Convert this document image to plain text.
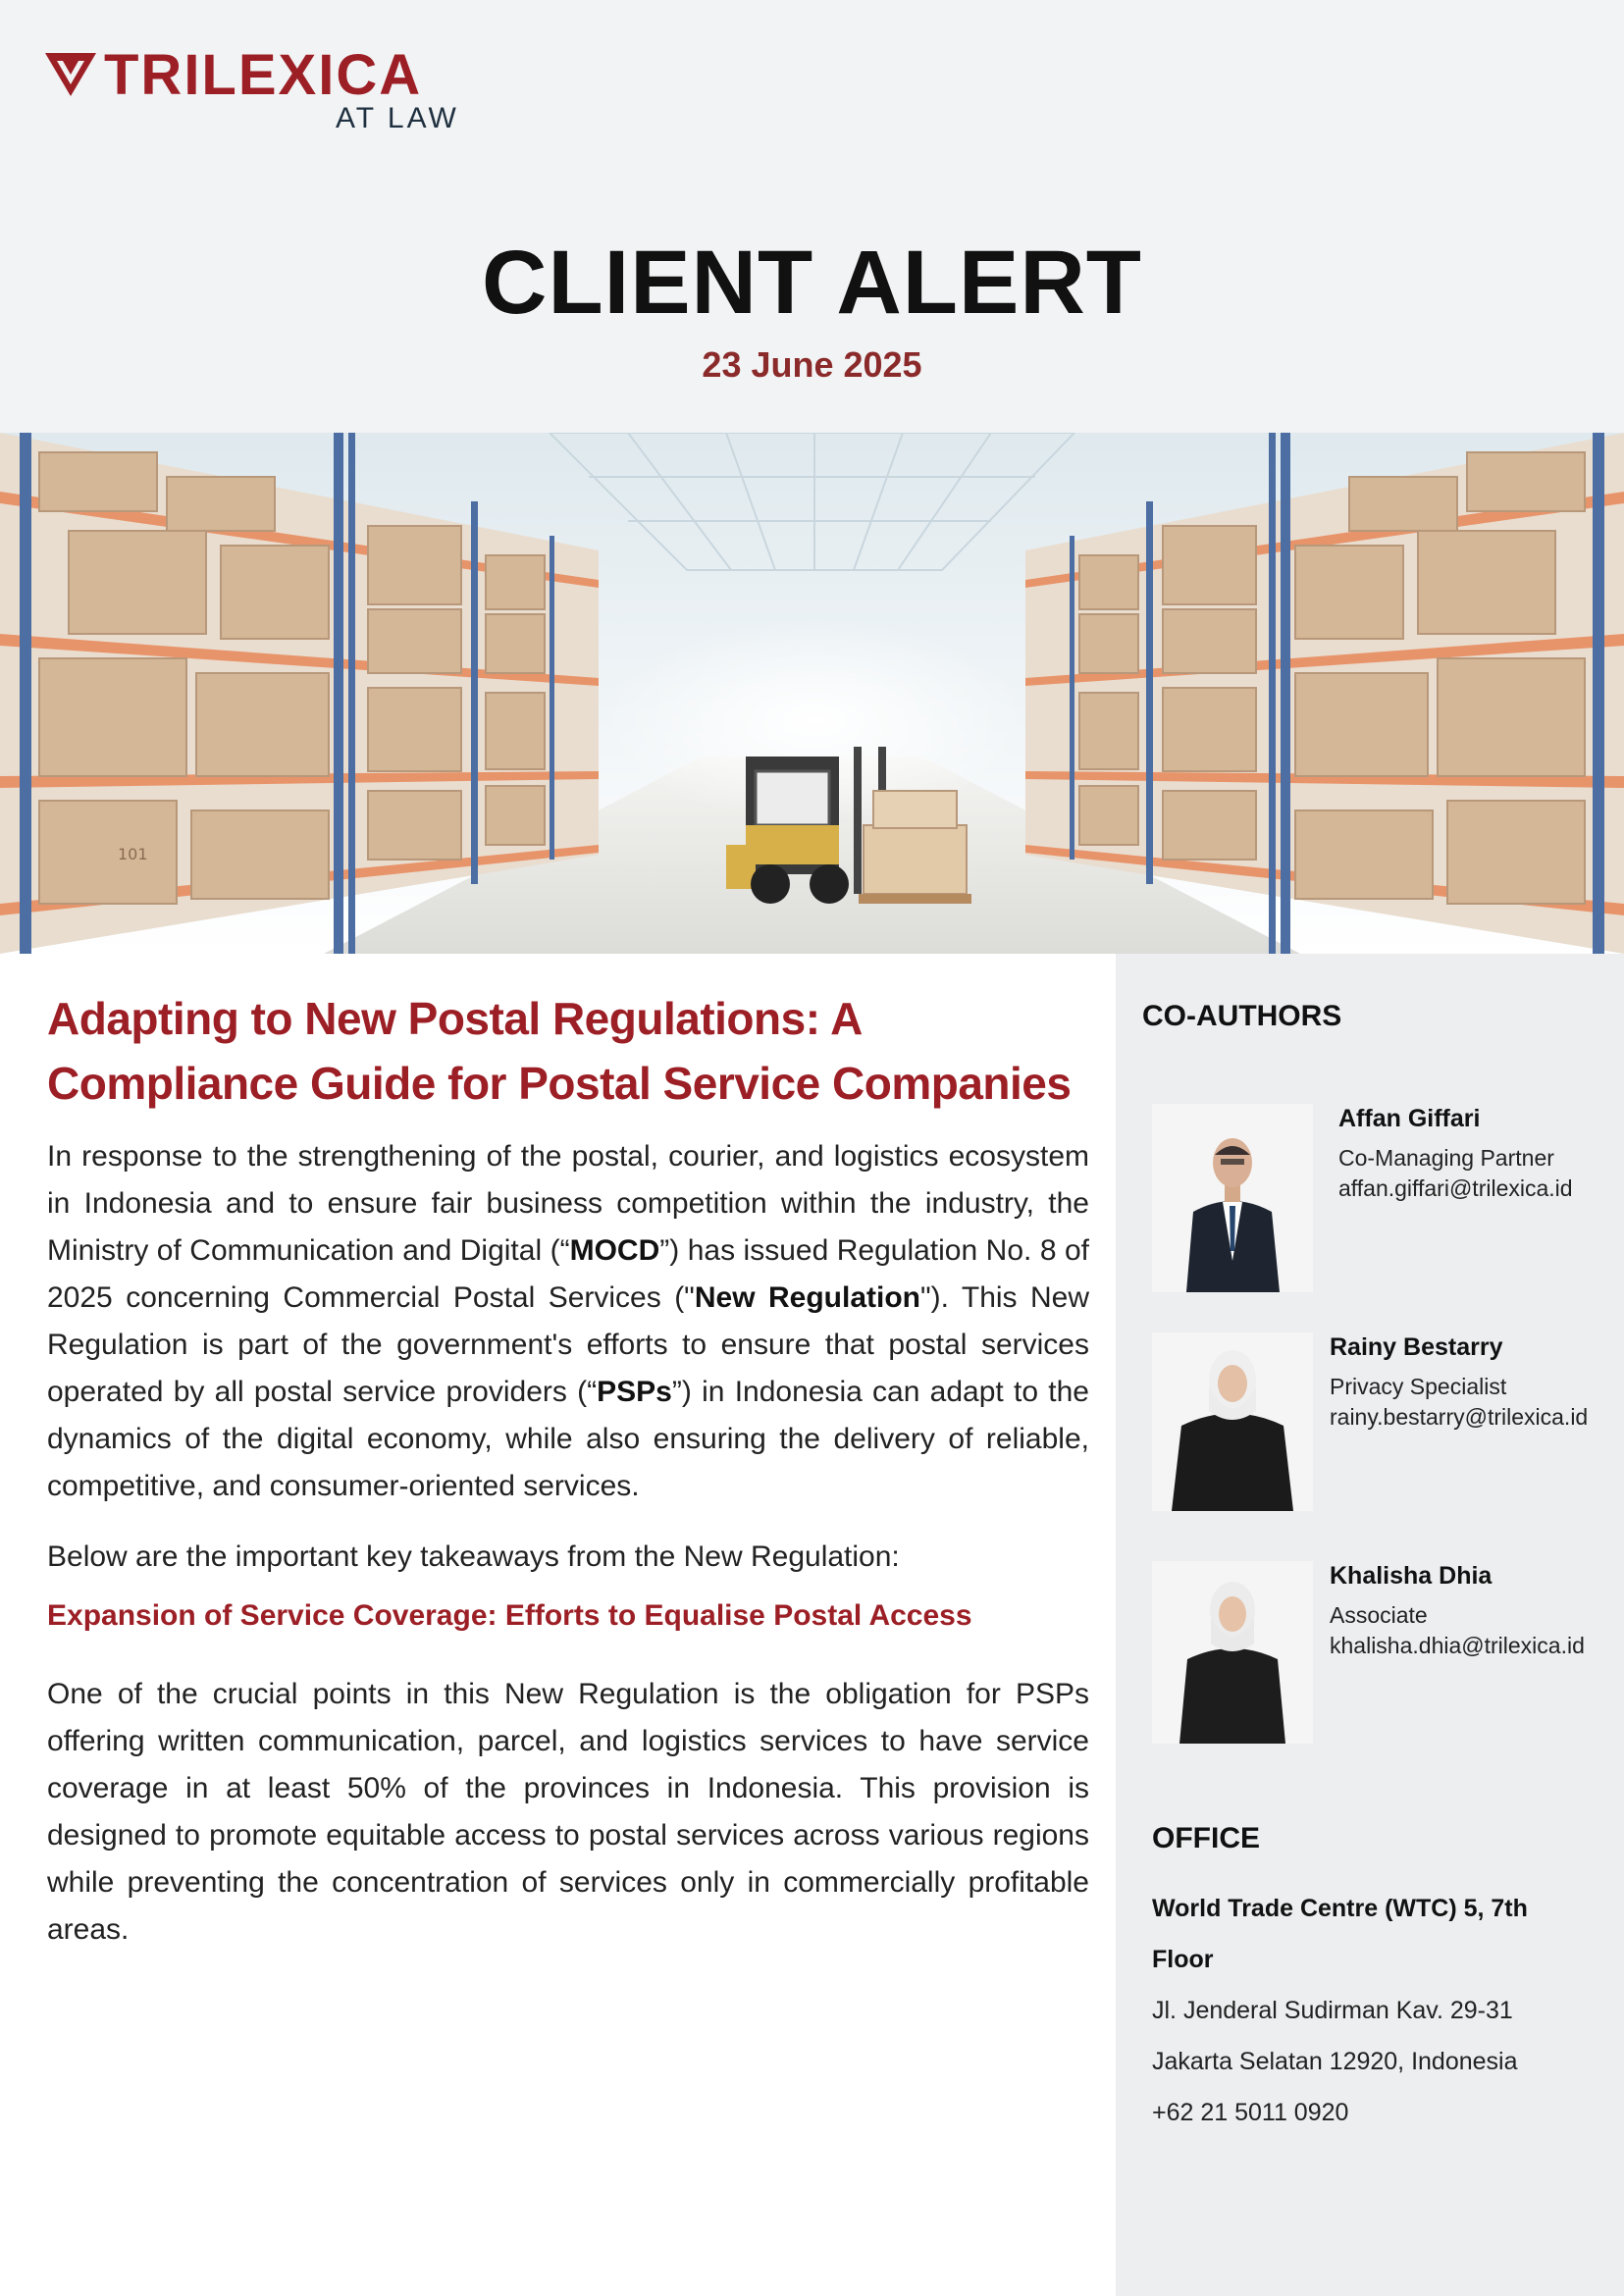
TRILEXICA
AT LAW
CLIENT ALERT
23 June 2025
101
Adapting to New Postal Regulations: A Compliance Guide for Postal Service Companies

In response to the strengthening of the postal, courier, and logistics ecosystem in Indonesia and to ensure fair business competition within the industry, the Ministry of Communication and Digital (“MOCD”) has issued Regulation No. 8 of 2025 concerning Commercial Postal Services ("New Regulation"). This New Regulation is part of the government's efforts to ensure that postal services operated by all postal service providers (“PSPs”) in Indonesia can adapt to the dynamics of the digital economy, while also ensuring the delivery of reliable, competitive, and consumer-oriented services.

Below are the important key takeaways from the New Regulation:

Expansion of Service Coverage: Efforts to Equalise Postal Access

One of the crucial points in this New Regulation is the obligation for PSPs offering written communication, parcel, and logistics services to have service coverage in at least 50% of the provinces in Indonesia. This provision is designed to promote equitable access to postal services across various regions while preventing the concentration of services only in commercially profitable areas.

CO-AUTHORS
Affan Giffari
Co-Managing Partner
affan.giffari@trilexica.id
Rainy Bestarry
Privacy Specialist
rainy.bestarry@trilexica.id
Khalisha Dhia
Associate
khalisha.dhia@trilexica.id
OFFICE
World Trade Centre (WTC) 5, 7th Floor
Jl. Jenderal Sudirman Kav. 29-31
Jakarta Selatan 12920, Indonesia
+62 21 5011 0920
